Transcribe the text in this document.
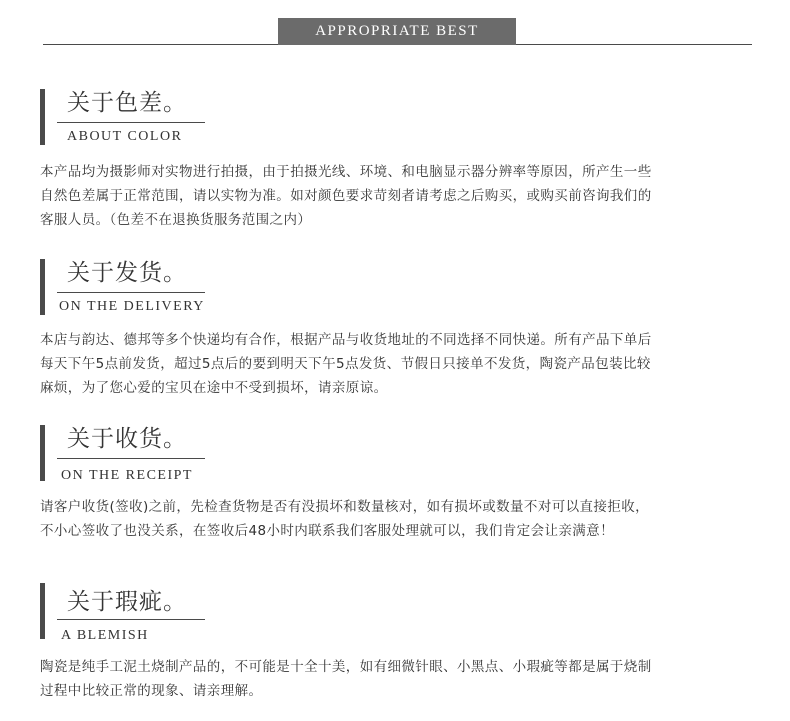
APPROPRIATE BEST
关于色差。
ABOUT COLOR
本产品均为摄影师对实物进行拍摄，由于拍摄光线、环境、和电脑显示器分辨率等原因，所产生一些
自然色差属于正常范围，请以实物为准。如对颜色要求苛刻者请考虑之后购买，或购买前咨询我们的
客服人员。（色差不在退换货服务范围之内）
关于发货。
ON THE DELIVERY
本店与韵达、德邦等多个快递均有合作，根据产品与收货地址的不同选择不同快递。所有产品下单后
每天下午5点前发货，超过5点后的要到明天下午5点发货、节假日只接单不发货，陶瓷产品包装比较
麻烦，为了您心爱的宝贝在途中不受到损坏，请亲原谅。
关于收货。
ON THE RECEIPT
请客户收货(签收)之前，先检查货物是否有没损坏和数量核对，如有损坏或数量不对可以直接拒收，
不小心签收了也没关系，在签收后48小时内联系我们客服处理就可以，我们肯定会让亲满意！
关于瑕疵。
A BLEMISH
陶瓷是纯手工泥土烧制产品的，不可能是十全十美，如有细微针眼、小黑点、小瑕疵等都是属于烧制
过程中比较正常的现象、请亲理解。
